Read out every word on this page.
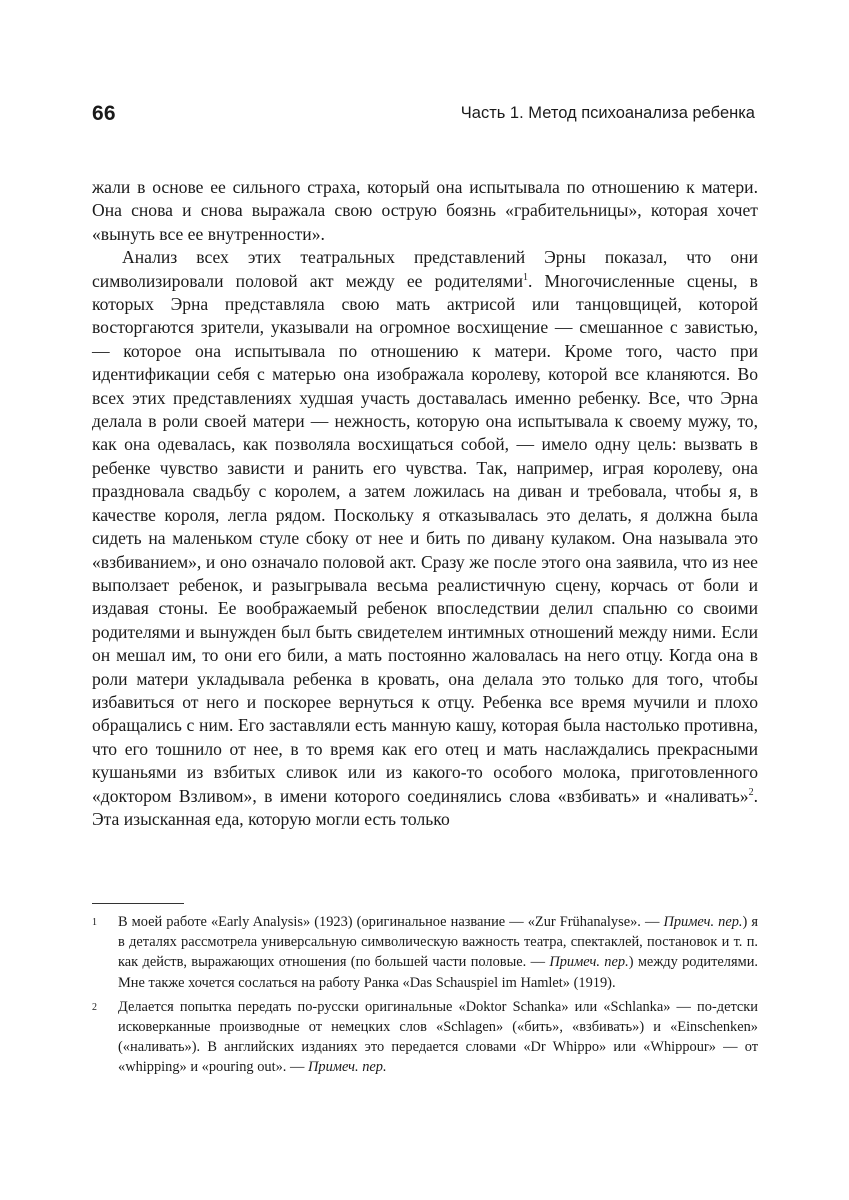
66	Часть 1. Метод психоанализа ребенка

жали в основе ее сильного страха, который она испытывала по отношению к матери. Она снова и снова выражала свою острую боязнь «грабительницы», которая хочет «вынуть все ее внутренности».

Анализ всех этих театральных представлений Эрны показал, что они символизировали половой акт между ее родителями$^1$. Многочисленные сцены, в которых Эрна представляла свою мать актрисой или танцовщицей, которой восторгаются зрители, указывали на огромное восхищение — смешанное с завистью, — которое она испытывала по отношению к матери. Кроме того, часто при идентификации себя с матерью она изображала королеву, которой все кланяются. Во всех этих представлениях худшая участь доставалась именно ребенку. Все, что Эрна делала в роли своей матери — нежность, которую она испытывала к своему мужу, то, как она одевалась, как позволяла восхищаться собой, — имело одну цель: вызвать в ребенке чувство зависти и ранить его чувства. Так, например, играя королеву, она праздновала свадьбу с королем, а затем ложилась на диван и требовала, чтобы я, в качестве короля, легла рядом. Поскольку я отказывалась это делать, я должна была сидеть на маленьком стуле сбоку от нее и бить по дивану кулаком. Она называла это «взбиванием», и оно означало половой акт. Сразу же после этого она заявила, что из нее выползает ребенок, и разыгрывала весьма реалистичную сцену, корчась от боли и издавая стоны. Ее воображаемый ребенок впоследствии делил спальню со своими родителями и вынужден был быть свидетелем интимных отношений между ними. Если он мешал им, то они его били, а мать постоянно жаловалась на него отцу. Когда она в роли матери укладывала ребенка в кровать, она делала это только для того, чтобы избавиться от него и поскорее вернуться к отцу. Ребенка все время мучили и плохо обращались с ним. Его заставляли есть манную кашу, которая была настолько противна, что его тошнило от нее, в то время как его отец и мать наслаждались прекрасными кушаньями из взбитых сливок или из какого-то особого молока, приготовленного «доктором Взливом», в имени которого соединялись слова «взбивать» и «наливать»$^2$. Эта изысканная еда, которую могли есть только

1 В моей работе «Early Analysis» (1923) (оригинальное название — «Zur Frühanalyse». — Примеч. пер.) я в деталях рассмотрела универсальную символическую важность театра, спектаклей, постановок и т. п. как действ, выражающих отношения (по большей части половые. — Примеч. пер.) между родителями. Мне также хочется сослаться на работу Ранка «Das Schauspiel im Hamlet» (1919).
2 Делается попытка передать по-русски оригинальные «Doktor Schanka» или «Schlanka» — по-детски исковерканные производные от немецких слов «Schlagen» («бить», «взбивать») и «Einschenken» («наливать»). В английских изданиях это передается словами «Dr Whippo» или «Whippour» — от «whipping» и «pouring out». — Примеч. пер.
